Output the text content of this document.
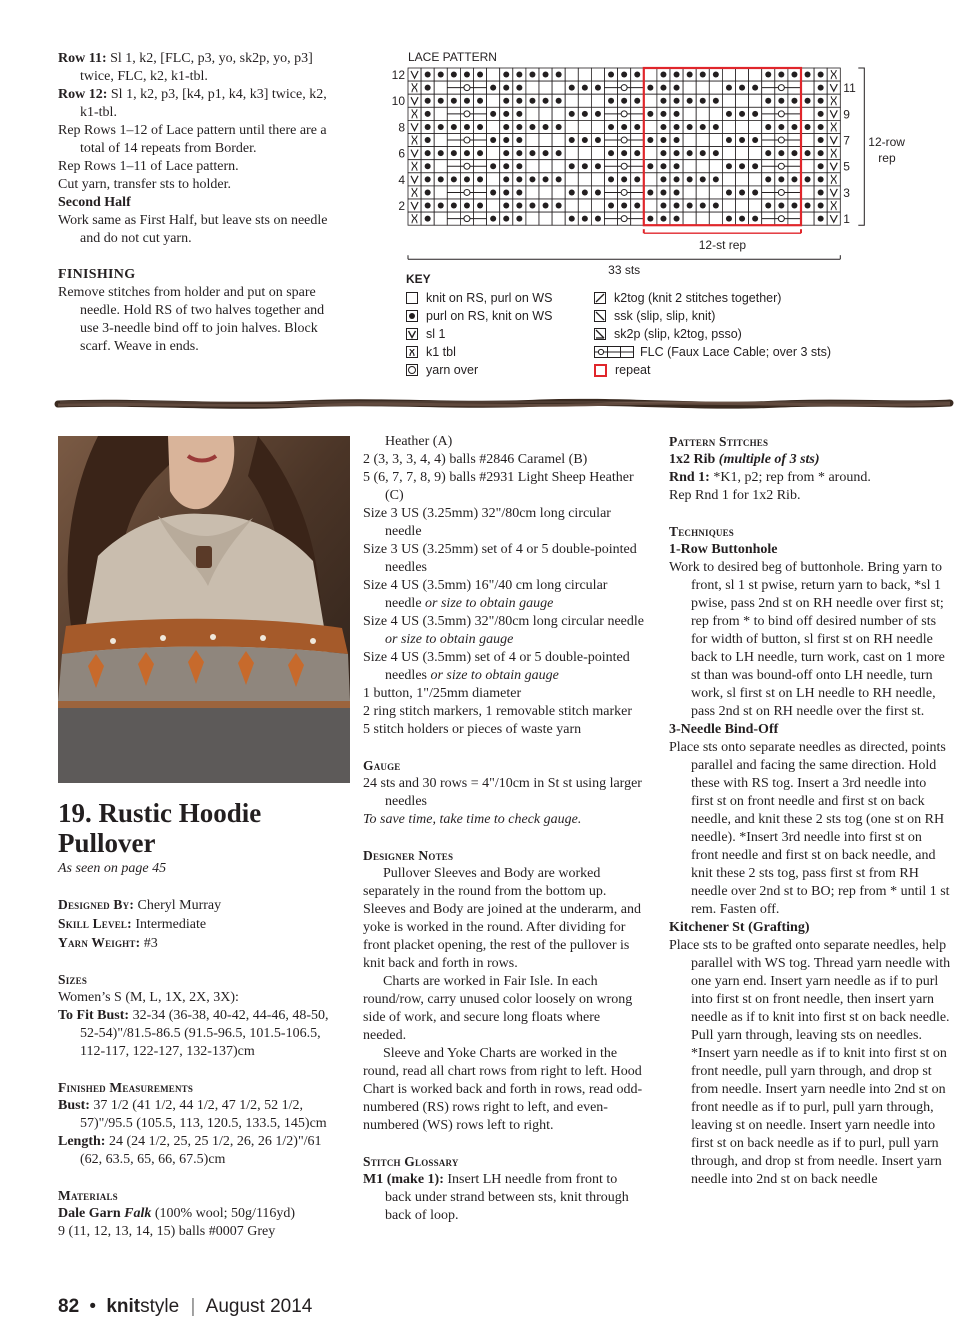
Row 11: Sl 1, k2, [FLC, p3, yo, sk2p, yo, p3] twice, FLC, k2, k1-tbl.

Row 12: Sl 1, k2, p3, [k4, p1, k4, k3] twice, k2, k1-tbl.

Rep Rows 1–12 of Lace pattern until there are a total of 14 repeats from Border.

Rep Rows 1–11 of Lace pattern.

Cut yarn, transfer sts to holder.

Second Half

Work same as First Half, but leave sts on needle and do not cut yarn.

FINISHING

Remove stitches from holder and put on spare needle. Hold RS of two halves together and use 3-needle bind off to join halves. Block scarf. Weave in ends.

LACE PATTERN
12
10
8
6
4
2
11
9
7
5
3
1
12-row
rep
12-st rep
33 sts
KEY
knit on RS, purl on WS
purl on RS, knit on WS
sl 1
k1 tbl
yarn over
k2tog (knit 2 stitches together)
ssk (slip, slip, knit)
sk2p (slip, k2tog, psso)
FLC (Faux Lace Cable; over 3 sts)
repeat
19. Rustic Hoodie Pullover

As seen on page 45

Designed By: Cheryl Murray

Skill Level: Intermediate

Yarn Weight: #3

Sizes

Women’s S (M, L, 1X, 2X, 3X):

To Fit Bust: 32-34 (36-38, 40-42, 44-46, 48-50, 52-54)"/81.5-86.5 (91.5-96.5, 101.5-106.5, 112-117, 122-127, 132-137)cm

Finished Measurements

Bust: 37 1/2 (41 1/2, 44 1/2, 47 1/2, 52 1/2, 57)"/95.5 (105.5, 113, 120.5, 133.5, 145)cm

Length: 24 (24 1/2, 25, 25 1/2, 26, 26 1/2)"/61 (62, 63.5, 65, 66, 67.5)cm

Materials

Dale Garn Falk (100% wool; 50g/116yd)

9 (11, 12, 13, 14, 15) balls #0007 Grey

Heather (A)

2 (3, 3, 3, 4, 4) balls #2846 Caramel (B)

5 (6, 7, 7, 8, 9) balls #2931 Light Sheep Heather (C)

Size 3 US (3.25mm) 32"/80cm long circular needle

Size 3 US (3.25mm) set of 4 or 5 double-pointed needles

Size 4 US (3.5mm) 16"/40 cm long circular needle or size to obtain gauge

Size 4 US (3.5mm) 32"/80cm long circular needle or size to obtain gauge

Size 4 US (3.5mm) set of 4 or 5 double-pointed needles or size to obtain gauge

1 button, 1"/25mm diameter

2 ring stitch markers, 1 removable stitch marker

5 stitch holders or pieces of waste yarn

Gauge

24 sts and 30 rows = 4"/10cm in St st using larger needles

To save time, take time to check gauge.

Designer Notes

Pullover Sleeves and Body are worked separately in the round from the bottom up. Sleeves and Body are joined at the underarm, and yoke is worked in the round. After dividing for front placket opening, the rest of the pullover is knit back and forth in rows.

Charts are worked in Fair Isle. In each round/row, carry unused color loosely on wrong side of work, and secure long floats where needed.

Sleeve and Yoke Charts are worked in the round, read all chart rows from right to left. Hood Chart is worked back and forth in rows, read odd-numbered (RS) rows right to left, and even-numbered (WS) rows left to right.

Stitch Glossary

M1 (make 1): Insert LH needle from front to back under strand between sts, knit through back of loop.

Pattern Stitches

1x2 Rib (multiple of 3 sts)

Rnd 1: *K1, p2; rep from * around.

Rep Rnd 1 for 1x2 Rib.

Techniques

1-Row Buttonhole

Work to desired beg of buttonhole. Bring yarn to front, sl 1 st pwise, return yarn to back, *sl 1 pwise, pass 2nd st on RH needle over first st; rep from * to bind off desired number of sts for width of button, sl first st on RH needle back to LH needle, turn work, cast on 1 more st than was bound-off onto LH needle, turn work, sl first st on LH needle to RH needle, pass 2nd st on RH needle over the first st.

3-Needle Bind-Off

Place sts onto separate needles as directed, points parallel and facing the same direction. Hold these with RS tog. Insert a 3rd needle into first st on front needle and first st on back needle, and knit these 2 sts tog (one st on RH needle). *Insert 3rd needle into first st on front needle and first st on back needle, and knit these 2 sts tog, pass first st from RH needle over 2nd st to BO; rep from * until 1 st rem. Fasten off.

Kitchener St (Grafting)

Place sts to be grafted onto separate needles, help parallel with WS tog. Thread yarn needle with one yarn end. Insert yarn needle as if to purl into first st on front needle, then insert yarn needle as if to knit into first st on back needle. Pull yarn through, leaving sts on needles. *Insert yarn needle as if to knit into first st on front needle, pull yarn through, and drop st from needle. Insert yarn needle into 2nd st on front needle as if to purl, pull yarn through, leaving st on needle. Insert yarn needle into first st on back needle as if to purl, pull yarn through, and drop st from needle. Insert yarn needle into 2nd st on back needle

82 • knitstyle | August 2014
